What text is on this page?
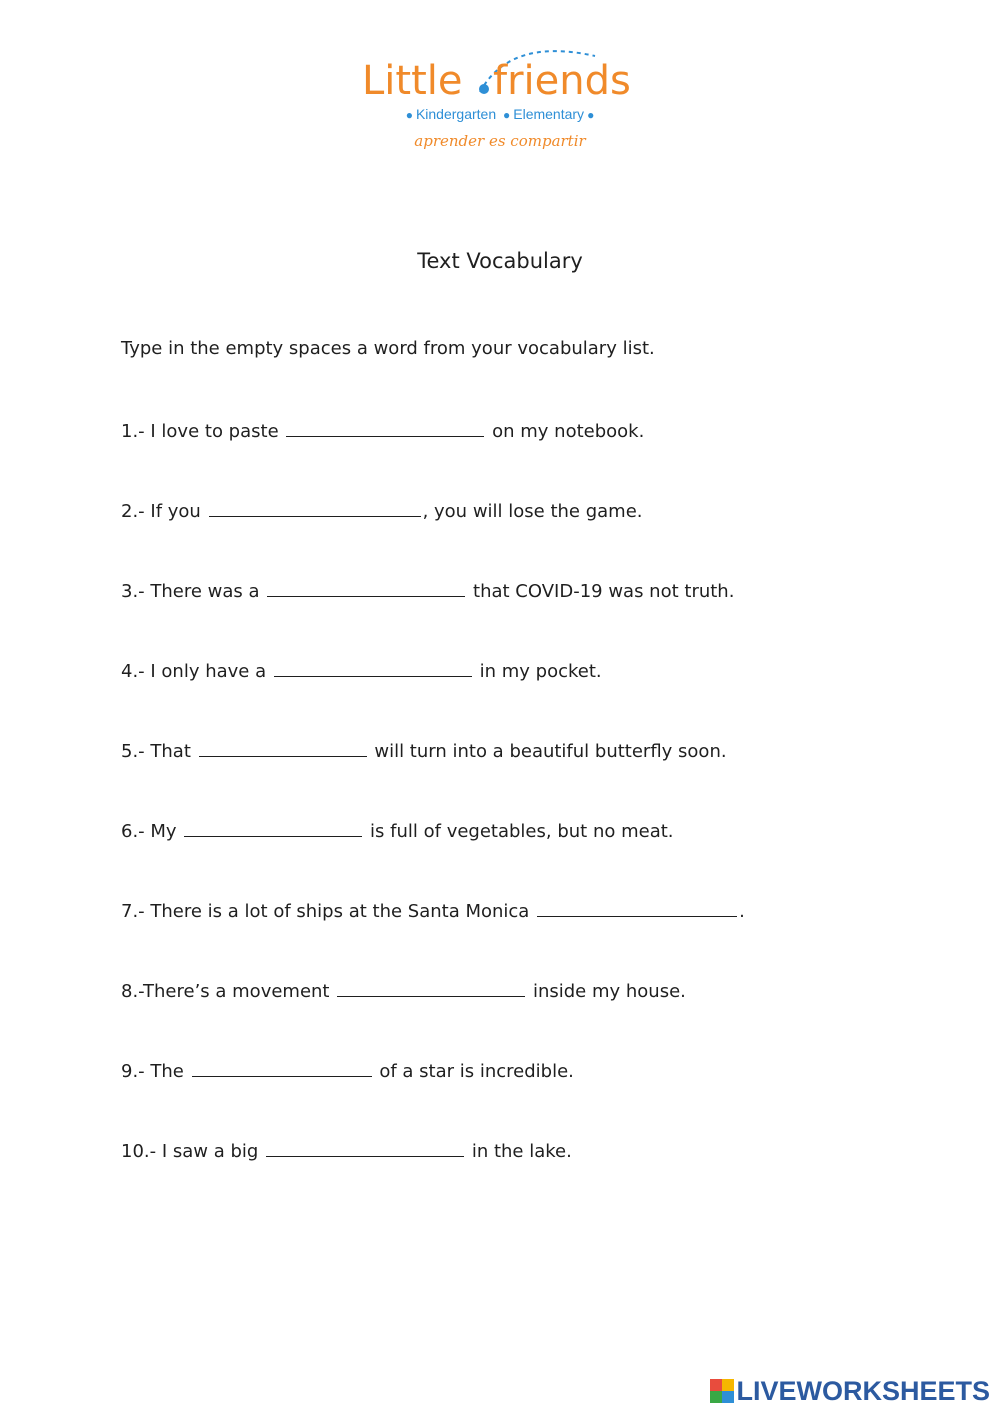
Little friends
● Kindergarten ● Elementary ●
aprender es compartir
Text Vocabulary
Type in the empty spaces a word from your vocabulary list.
1.- I love to paste	on my notebook.
2.- If you	, you will lose the game.
3.- There was a	that COVID-19 was not truth.
4.- I only have a	in my pocket.
5.- That	will turn into a beautiful butterfly soon.
6.- My	is full of vegetables, but no meat.
7.- There is a lot of ships at the Santa Monica	.
8.-There’s a movement	inside my house.
9.- The	of a star is incredible.
10.- I saw a big	in the lake.
LIVEWORKSHEETS
